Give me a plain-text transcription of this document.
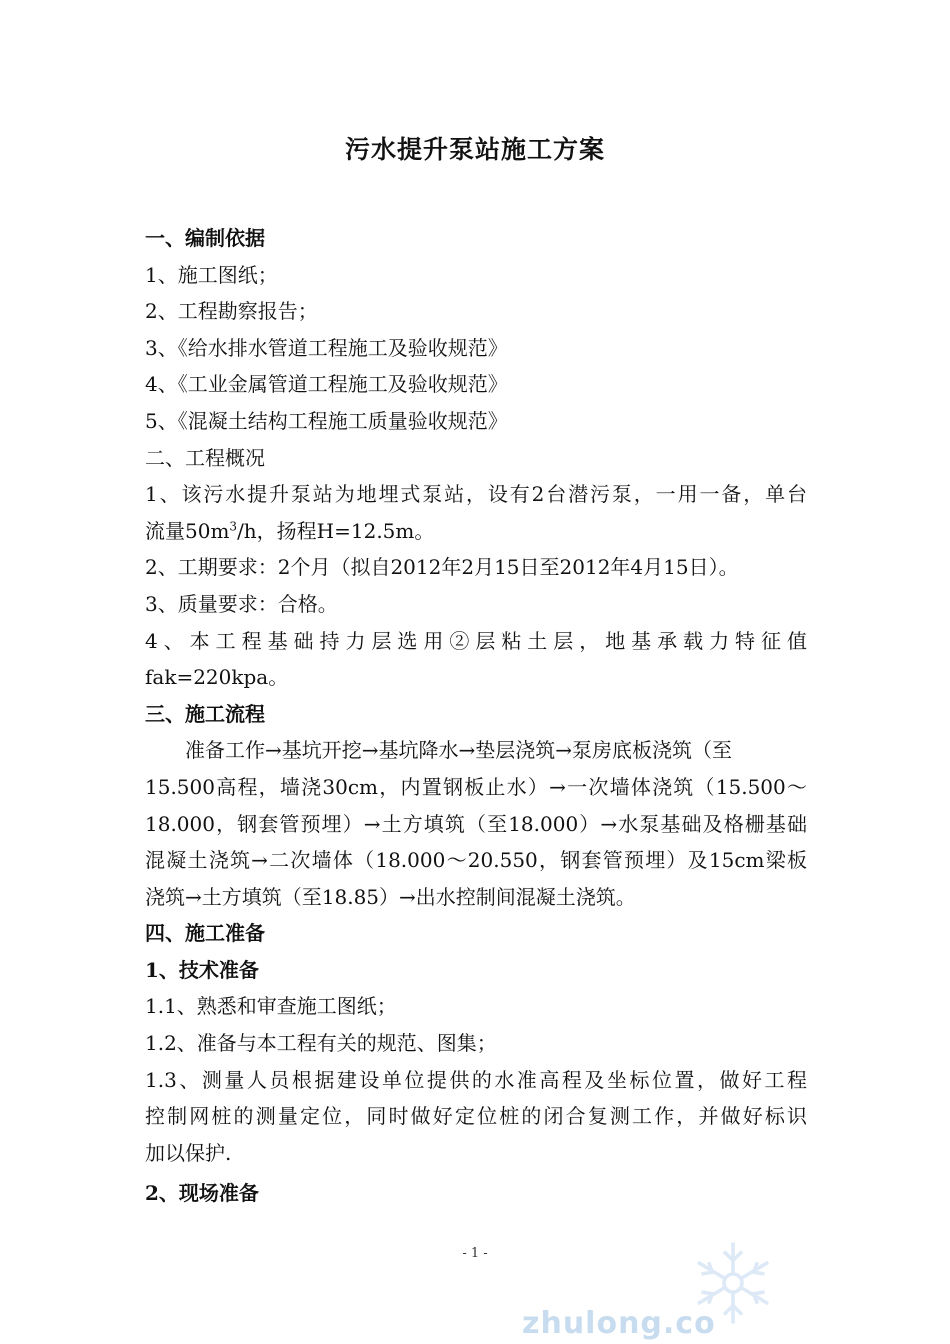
污水提升泵站施工方案
一、编制依据
1、施工图纸；
2、工程勘察报告；
3、《给水排水管道工程施工及验收规范》
4、《工业金属管道工程施工及验收规范》
5、《混凝土结构工程施工质量验收规范》
二、工程概况
1、该污水提升泵站为地埋式泵站，设有2台潜污泵，一用一备，单台
流量$50m^3/h$，扬程H=12.5m。
2、工期要求：2个月（拟自2012年2月15日至2012年4月15日）。
3、质量要求：合格。
4、本工程基础持力层选用②层粘土层，地基承载力特征值
fak=220kpa。
三、施工流程
准备工作→基坑开挖→基坑降水→垫层浇筑→泵房底板浇筑（至
15.500高程，墙浇30cm，内置钢板止水）→一次墙体浇筑（15.500～
18.000，钢套管预埋）→土方填筑（至18.000）→水泵基础及格栅基础
混凝土浇筑→二次墙体（18.000～20.550，钢套管预埋）及15cm梁板
浇筑→土方填筑（至18.85）→出水控制间混凝土浇筑。
四、施工准备
1、技术准备
1.1、熟悉和审查施工图纸；
1.2、准备与本工程有关的规范、图集；
1.3、测量人员根据建设单位提供的水准高程及坐标位置，做好工程
控制网桩的测量定位，同时做好定位桩的闭合复测工作，并做好标识
加以保护.
2、现场准备
- 1 -
zhulong.co
